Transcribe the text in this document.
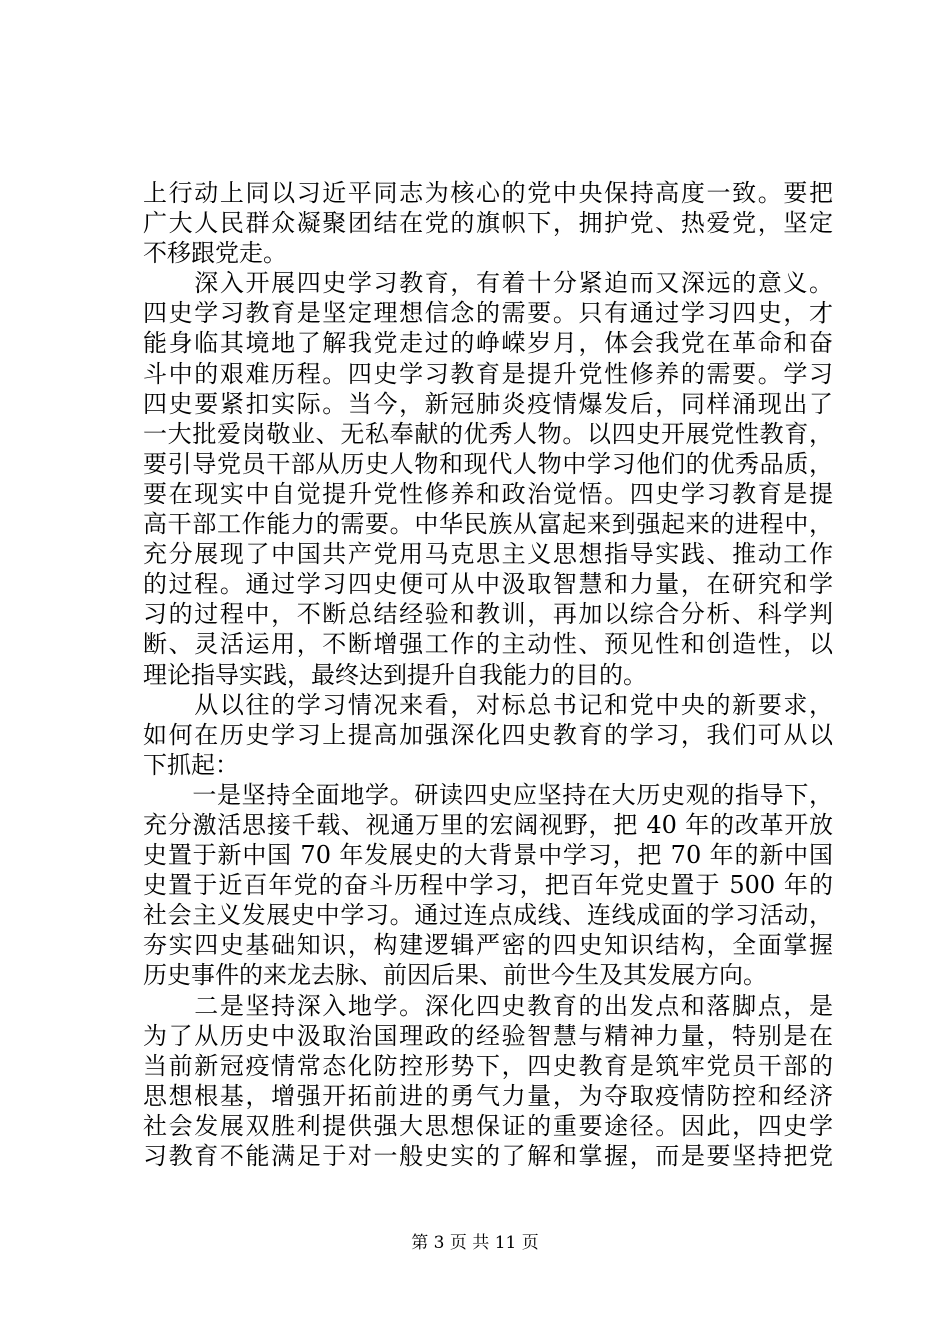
上行动上同以习近平同志为核心的党中央保持高度一致。要把
广大人民群众凝聚团结在党的旗帜下，拥护党、热爱党，坚定
不移跟党走。
　　深入开展四史学习教育，有着十分紧迫而又深远的意义。
四史学习教育是坚定理想信念的需要。只有通过学习四史，才
能身临其境地了解我党走过的峥嵘岁月，体会我党在革命和奋
斗中的艰难历程。四史学习教育是提升党性修养的需要。学习
四史要紧扣实际。当今，新冠肺炎疫情爆发后，同样涌现出了
一大批爱岗敬业、无私奉献的优秀人物。以四史开展党性教育，
要引导党员干部从历史人物和现代人物中学习他们的优秀品质，
要在现实中自觉提升党性修养和政治觉悟。四史学习教育是提
高干部工作能力的需要。中华民族从富起来到强起来的进程中，
充分展现了中国共产党用马克思主义思想指导实践、推动工作
的过程。通过学习四史便可从中汲取智慧和力量，在研究和学
习的过程中，不断总结经验和教训，再加以综合分析、科学判
断、灵活运用，不断增强工作的主动性、预见性和创造性，以
理论指导实践，最终达到提升自我能力的目的。
　　从以往的学习情况来看，对标总书记和党中央的新要求，
如何在历史学习上提高加强深化四史教育的学习，我们可从以
下抓起：
　　一是坚持全面地学。研读四史应坚持在大历史观的指导下，
充分激活思接千载、视通万里的宏阔视野，把 40 年的改革开放
史置于新中国 70 年发展史的大背景中学习，把 70 年的新中国
史置于近百年党的奋斗历程中学习，把百年党史置于 500 年的
社会主义发展史中学习。通过连点成线、连线成面的学习活动，
夯实四史基础知识，构建逻辑严密的四史知识结构，全面掌握
历史事件的来龙去脉、前因后果、前世今生及其发展方向。
　　二是坚持深入地学。深化四史教育的出发点和落脚点，是
为了从历史中汲取治国理政的经验智慧与精神力量，特别是在
当前新冠疫情常态化防控形势下，四史教育是筑牢党员干部的
思想根基，增强开拓前进的勇气力量，为夺取疫情防控和经济
社会发展双胜利提供强大思想保证的重要途径。因此，四史学
习教育不能满足于对一般史实的了解和掌握，而是要坚持把党
第 3 页 共 11 页
